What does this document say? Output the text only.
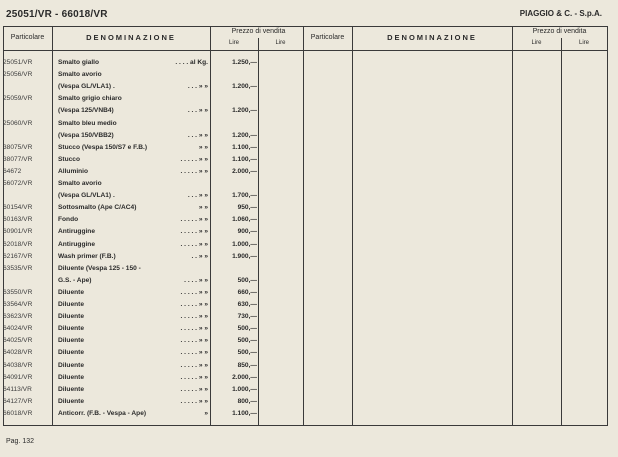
25051/VR - 66018/VR	PIAGGIO & C. - S.p.A.
Particolare	DENOMINAZIONE
Prezzo di vendita
Lire	Lire
Particolare	DENOMINAZIONE
Prezzo di vendita
Lire	Lire
25051/VR	Smalto giallo	. . . . al Kg.	1.250,—
25056/VR	Smalto avorio
(Vespa GL/VLA1) .	. . . » »	1.200,—
25059/VR	Smalto grigio chiaro
(Vespa 125/VNB4)	. . . » »	1.200,—
25060/VR	Smalto bleu medio
(Vespa 150/VBB2)	. . . » »	1.200,—
38075/VR	Stucco (Vespa 150/S7 e F.B.)	» »	1.100,—
38077/VR	Stucco	. . . . . » »	1.100,—
64672	Alluminio	. . . . . » »	2.000,—
56072/VR	Smalto avorio
(Vespa GL/VLA1) .	. . . » »	1.700,—
60154/VR	Sottosmalto (Ape C/AC4)	» »	950,—
60163/VR	Fondo	. . . . . » »	1.060,—
60901/VR	Antiruggine	. . . . . » »	900,—
62018/VR	Antiruggine	. . . . . » »	1.000,—
62167/VR	Wash primer (F.B.)	. . » »	1.900,—
63535/VR	Diluente (Vespa 125 - 150 -
G.S. - Ape)	. . . . » »	500,—
63550/VR	Diluente	. . . . . » »	660,—
63564/VR	Diluente	. . . . . » »	630,—
63623/VR	Diluente	. . . . . » »	730,—
64024/VR	Diluente	. . . . . » »	500,—
64025/VR	Diluente	. . . . . » »	500,—
64028/VR	Diluente	. . . . . » »	500,—
64038/VR	Diluente	. . . . . » »	850,—
64091/VR	Diluente	. . . . . » »	2.000,—
64113/VR	Diluente	. . . . . » »	1.000,—
64127/VR	Diluente	. . . . . » »	800,—
66018/VR	Anticorr. (F.B. - Vespa - Ape)	»	1.100,—
Pag. 132
